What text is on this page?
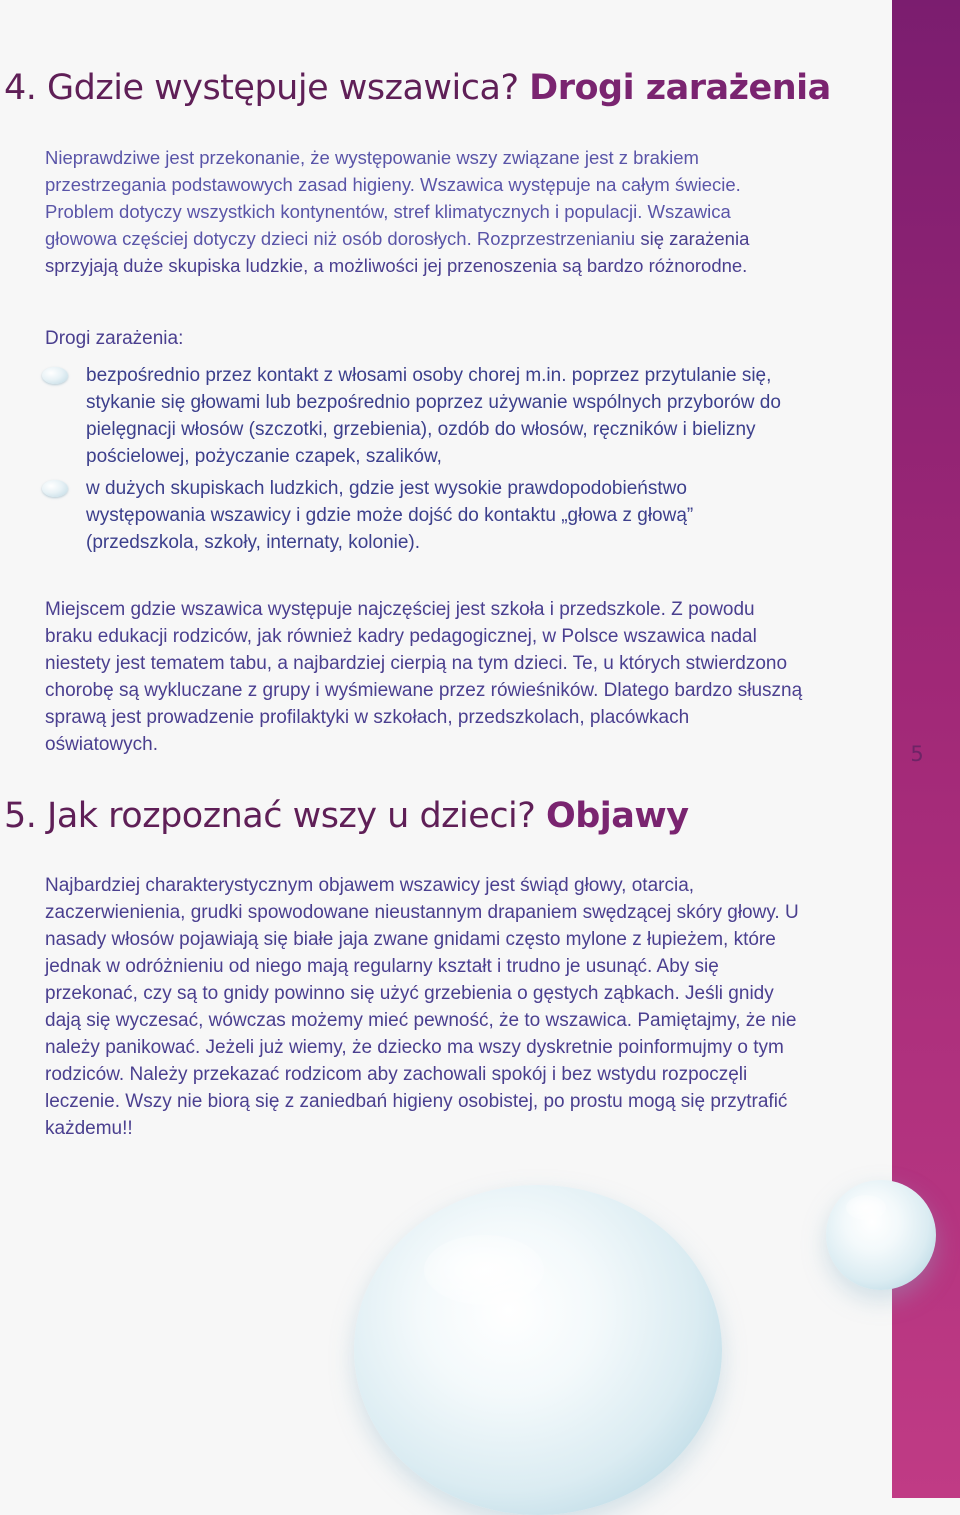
5
4. Gdzie występuje wszawica? Drogi zarażenia

Nieprawdziwe jest przekonanie, że występowanie wszy związane jest z brakiem przestrzegania podstawowych zasad higieny. Wszawica występuje na całym świecie. Problem dotyczy wszystkich kontynentów, stref klimatycznych i populacji. Wszawica głowowa częściej dotyczy dzieci niż osób dorosłych. Rozprzestrzenianiu się zarażenia sprzyjają duże skupiska ludzkie, a możliwości jej przenoszenia są bardzo różnorodne.

Drogi zarażenia:

bezpośrednio przez kontakt z włosami osoby chorej m.in. poprzez przytulanie się, stykanie się głowami lub bezpośrednio poprzez używanie wspólnych przyborów do pielęgnacji włosów (szczotki, grzebienia), ozdób do włosów, ręczników i bielizny pościelowej, pożyczanie czapek, szalików,
w dużych skupiskach ludzkich, gdzie jest wysokie prawdopodobieństwo występowania wszawicy i gdzie może dojść do kontaktu „głowa z głową” (przedszkola, szkoły, internaty, kolonie).

Miejscem gdzie wszawica występuje najczęściej jest szkoła i przedszkole. Z powodu braku edukacji rodziców, jak również kadry pedagogicznej, w Polsce wszawica nadal niestety jest tematem tabu, a najbardziej cierpią na tym dzieci. Te, u których stwierdzono chorobę są wykluczane z grupy i wyśmiewane przez rówieśników. Dlatego bardzo słuszną sprawą jest prowadzenie profilaktyki w szkołach, przedszkolach, placówkach oświatowych.

5. Jak rozpoznać wszy u dzieci? Objawy

Najbardziej charakterystycznym objawem wszawicy jest świąd głowy, otarcia, zaczerwienienia, grudki spowodowane nieustannym drapaniem swędzącej skóry głowy. U nasady włosów pojawiają się białe jaja zwane gnidami często mylone z łupieżem, które jednak w odróżnieniu od niego mają regularny kształt i trudno je usunąć. Aby się przekonać, czy są to gnidy powinno się użyć grzebienia o gęstych ząbkach. Jeśli gnidy dają się wyczesać, wówczas możemy mieć pewność, że to wszawica. Pamiętajmy, że nie należy panikować. Jeżeli już wiemy, że dziecko ma wszy dyskretnie poinformujmy o tym rodziców. Należy przekazać rodzicom aby zachowali spokój i bez wstydu rozpoczęli leczenie. Wszy nie biorą się z zaniedbań higieny osobistej, po prostu mogą się przytrafić każdemu!!
